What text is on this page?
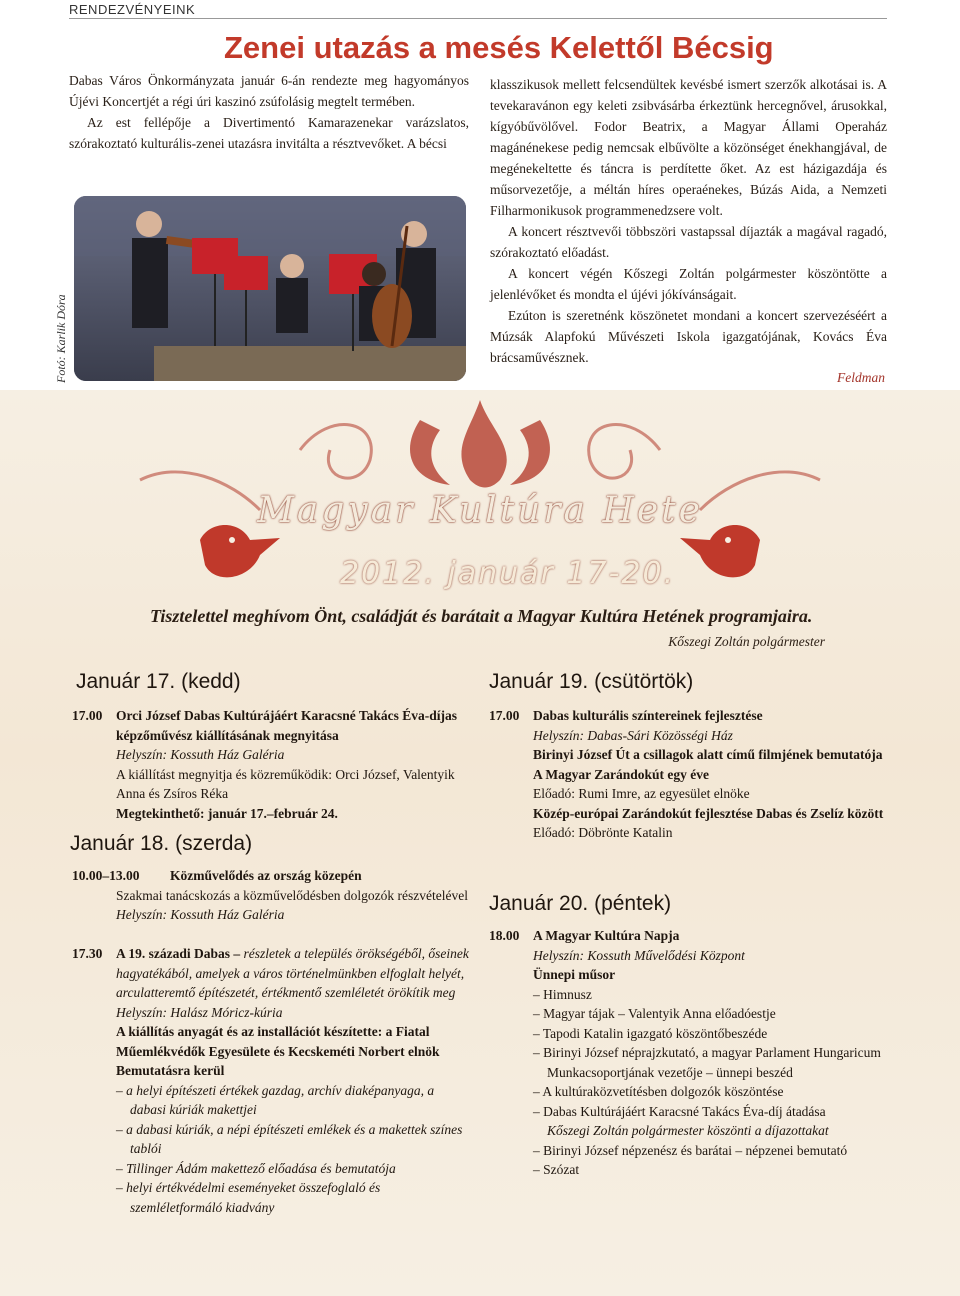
RENDEZVÉNYEINK
Zenei utazás a mesés Kelettől Bécsig

Dabas Város Önkormányzata január 6-án rendezte meg hagyományos Újévi Koncertjét a régi úri kaszinó zsúfolásig megtelt termében.

Az est fellépője a Divertimentó Kamarazenekar varázslatos, szórakoztató kulturális-zenei utazásra invitálta a résztvevőket. A bécsi

Fotó: Karlik Dóra

klasszikusok mellett felcsendültek kevésbé ismert szerzők alkotásai is. A tevekaravánon egy keleti zsibvásárba érkeztünk hercegnővel, árusokkal, kígyóbűvölővel. Fodor Beatrix, a Magyar Állami Operaház magánénekese pedig nemcsak elbűvölte a közönséget énekhangjával, de megénekeltette és táncra is perdítette őket. Az est házigazdája és műsorvezetője, a méltán híres operaénekes, Búzás Aida, a Nemzeti Filharmonikusok programmenedzsere volt.

A koncert résztvevői többszöri vastapssal díjazták a magával ragadó, szórakoztató előadást.

A koncert végén Kőszegi Zoltán polgármester köszöntötte a jelenlévőket és mondta el újévi jókívánságait.

Ezúton is szeretnénk köszönetet mondani a koncert szervezéséért a Múzsák Alapfokú Művészeti Iskola igazgatójának, Kovács Éva brácsaművésznek.

Feldman
Magyar Kultúra Hete
2012. január 17-20.
Tisztelettel meghívom Önt, családját és barátait a Magyar Kultúra Hetének programjaira.
Kőszegi Zoltán polgármester
Január 17. (kedd)
17.00 Orci József Dabas Kultúrájáért Karacsné Takács Éva-díjas képzőművész kiállításának megnyitása
Helyszín: Kossuth Ház Galéria
A kiállítást megnyitja és közreműködik: Orci József, Valentyik Anna és Zsíros Réka
Megtekinthető: január 17.–február 24.
Január 18. (szerda)
10.00–13.00	Közművelődés az ország közepén
Szakmai tanácskozás a közművelődésben dolgozók részvételével
Helyszín: Kossuth Ház Galéria
17.30 A 19. századi Dabas – részletek a település örökségéből, őseinek hagyatékából, amelyek a város történelmünkben elfoglalt helyét, arculatteremtő építészetét, értékmentő szemléletét örökítik meg
Helyszín: Halász Móricz-kúria
A kiállítás anyagát és az installációt készítette: a Fiatal Műemlékvédők Egyesülete és Kecskeméti Norbert elnök
Bemutatásra kerül
– a helyi építészeti értékek gazdag, archív diaképanyaga, a dabasi kúriák makettjei
– a dabasi kúriák, a népi építészeti emlékek és a makettek színes tablói
– Tillinger Ádám makettező előadása és bemutatója
– helyi értékvédelmi eseményeket összefoglaló és szemléletformáló kiadvány
Január 19. (csütörtök)
17.00 Dabas kulturális színtereinek fejlesztése
Helyszín: Dabas-Sári Közösségi Ház
Birinyi József Út a csillagok alatt című filmjének bemutatója
A Magyar Zarándokút egy éve
Előadó: Rumi Imre, az egyesület elnöke
Közép-európai Zarándokút fejlesztése Dabas és Zselíz között
Előadó: Döbrönte Katalin
Január 20. (péntek)
18.00 A Magyar Kultúra Napja
Helyszín: Kossuth Művelődési Központ
Ünnepi műsor
– Himnusz
– Magyar tájak – Valentyik Anna előadóestje
– Tapodi Katalin igazgató köszöntőbeszéde
– Birinyi József néprajzkutató, a magyar Parlament Hungaricum Munkacsoportjának vezetője – ünnepi beszéd
– A kultúraközvetítésben dolgozók köszöntése
– Dabas Kultúrájáért Karacsné Takács Éva-díj átadása
Kőszegi Zoltán polgármester köszönti a díjazottakat
– Birinyi József népzenész és barátai – népzenei bemutató
– Szózat
